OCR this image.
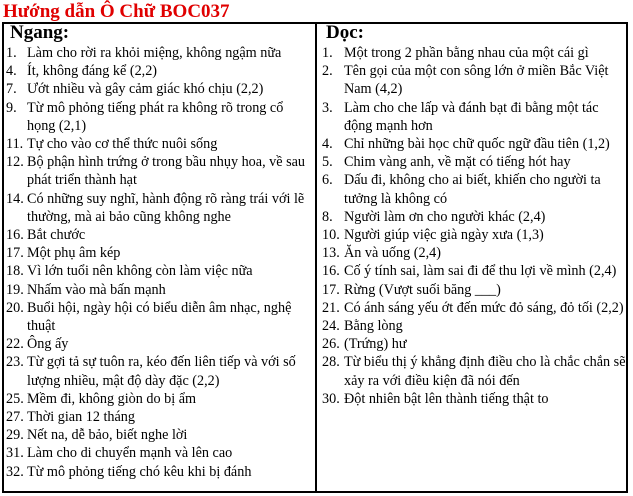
Hướng dẫn Ô Chữ BOC037
Ngang:
1. Làm cho rời ra khỏi miệng, không ngậm nữa
4. Ít, không đáng kể (2,2)
7. Ướt nhiều và gây cảm giác khó chịu (2,2)
9. Từ mô phỏng tiếng phát ra không rõ trong cổ họng (2,1)
11. Tự cho vào cơ thể thức nuôi sống
12. Bộ phận hình trứng ở trong bầu nhụy hoa, về sau phát triển thành hạt
14. Có những suy nghĩ, hành động rõ ràng trái với lẽ thường, mà ai bảo cũng không nghe
16. Bắt chước
17. Một phụ âm kép
18. Vì lớn tuổi nên không còn làm việc nữa
19. Nhấm vào mà bấn mạnh
20. Buổi hội, ngày hội có biểu diễn âm nhạc, nghệ thuật
22. Ông ấy
23. Từ gợi tả sự tuôn ra, kéo đến liên tiếp và với số lượng nhiều, mật độ dày đặc (2,2)
25. Mềm đi, không giòn do bị ẩm
27. Thời gian 12 tháng
29. Nết na, dễ bảo, biết nghe lời
31. Làm cho di chuyển mạnh và lên cao
32. Từ mô phỏng tiếng chó kêu khi bị đánh
Dọc:
1. Một trong 2 phần bằng nhau của một cái gì
2. Tên gọi của một con sông lớn ở miền Bắc Việt Nam (4,2)
3. Làm cho che lấp và đánh bạt đi bằng một tác động mạnh hơn
4. Chỉ những bài học chữ quốc ngữ đầu tiên (1,2)
5. Chim vàng anh, về mặt có tiếng hót hay
6. Dấu đi, không cho ai biết, khiến cho người ta tưởng là không có
8. Người làm ơn cho người khác (2,4)
10. Người giúp việc già ngày xưa (1,3)
13. Ăn và uống (2,4)
16. Cố ý tính sai, làm sai đi để thu lợi về mình (2,4)
17. Rừng (Vượt suối băng ___)
21. Có ánh sáng yếu ớt đến mức đỏ sáng, đỏ tối (2,2)
24. Bằng lòng
26. (Trứng) hư
28. Từ biểu thị ý khẳng định điều cho là chắc chắn sẽ xảy ra với điều kiện đã nói đến
30. Đột nhiên bật lên thành tiếng thật to
